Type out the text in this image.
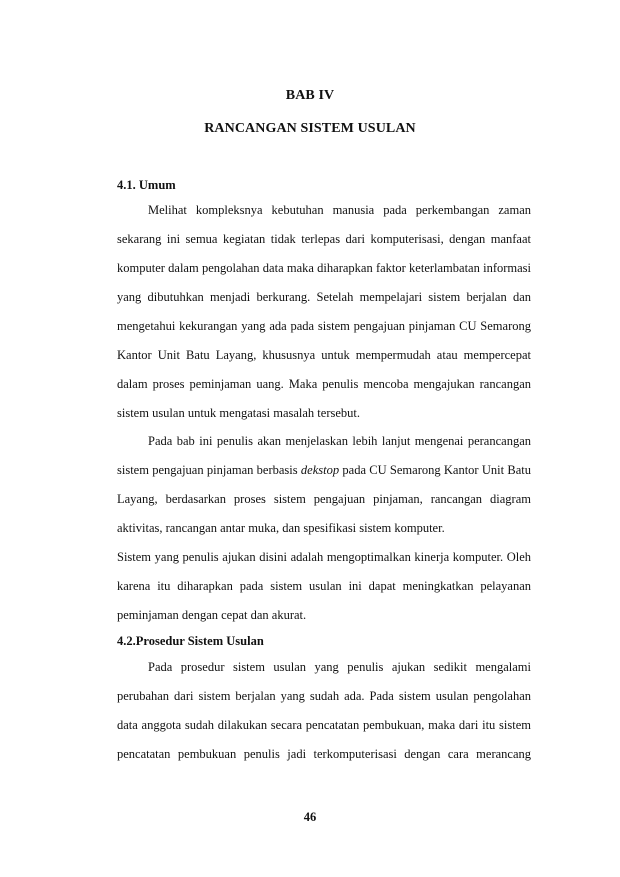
BAB IV
RANCANGAN SISTEM USULAN
4.1. Umum
Melihat kompleksnya kebutuhan manusia pada perkembangan zaman
sekarang ini semua kegiatan tidak terlepas dari komputerisasi, dengan manfaat
komputer dalam pengolahan data maka diharapkan faktor keterlambatan informasi
yang dibutuhkan menjadi berkurang. Setelah mempelajari sistem berjalan dan
mengetahui kekurangan yang ada pada sistem pengajuan pinjaman CU Semarong
Kantor Unit Batu Layang, khususnya untuk mempermudah atau mempercepat
dalam proses peminjaman uang. Maka penulis mencoba mengajukan rancangan
sistem usulan untuk mengatasi masalah tersebut.
Pada bab ini penulis akan menjelaskan lebih lanjut mengenai perancangan
sistem pengajuan pinjaman berbasis dekstop pada CU Semarong Kantor Unit Batu
Layang, berdasarkan proses sistem pengajuan pinjaman, rancangan diagram
aktivitas, rancangan antar muka, dan spesifikasi sistem komputer.
Sistem yang penulis ajukan disini adalah mengoptimalkan kinerja komputer. Oleh
karena itu diharapkan pada sistem usulan ini dapat meningkatkan pelayanan
peminjaman dengan cepat dan akurat.
4.2.Prosedur Sistem Usulan
Pada prosedur sistem usulan yang penulis ajukan sedikit mengalami
perubahan dari sistem berjalan yang sudah ada. Pada sistem usulan pengolahan
data anggota sudah dilakukan secara pencatatan pembukuan, maka dari itu sistem
pencatatan pembukuan penulis jadi terkomputerisasi dengan cara merancang
46
